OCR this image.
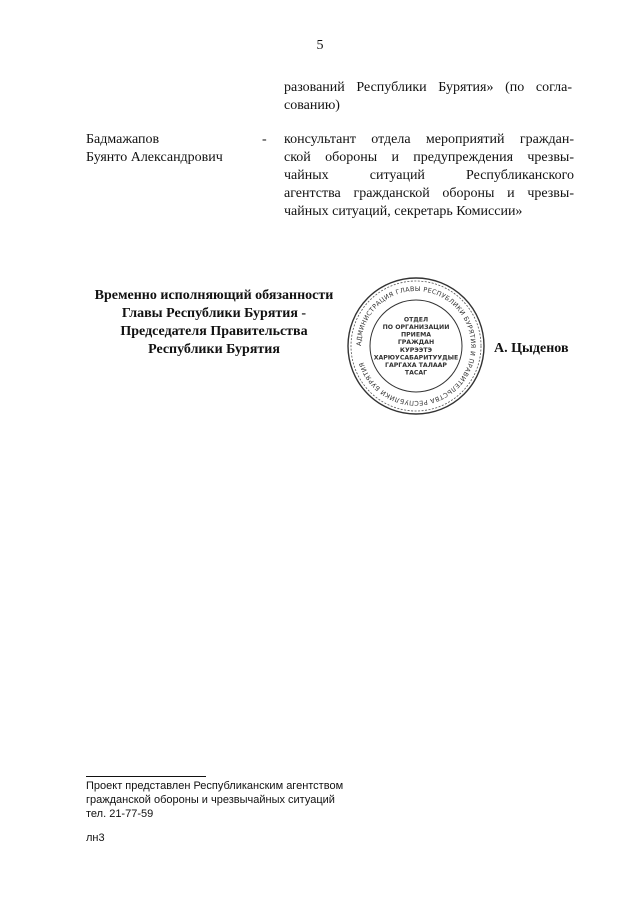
5
разований Республики Бурятия» (по согла-
сованию)
Бадмажапов
Буянто Александрович
- консультант отдела мероприятий граждан-
ской обороны и предупреждения чрезвы-
чайных ситуаций Республиканского
агентства гражданской обороны и чрезвы-
чайных ситуаций, секретарь Комиссии»
Временно исполняющий обязанности
Главы Республики Бурятия -
Председателя Правительства
Республики Бурятия	АДМИНИСТРАЦИЯ ГЛАВЫ РЕСПУБЛИКИ БУРЯТИЯ И ПРАВИТЕЛЬСТВА РЕСПУБЛИКИ БУРЯТИЯ
ОТДЕЛ
ПО ОРГАНИЗАЦИИ
ПРИЕМА
ГРАЖДАН
КУРЭЭТЭ
ХАРЮУСАБАРИТУУДЫЕ
ГАРГАХА ТАЛААР
ТАСАГ
А. Цыденов
Проект представлен Республиканским агентством
гражданской обороны и чрезвычайных ситуаций
тел. 21-77-59
лн3
